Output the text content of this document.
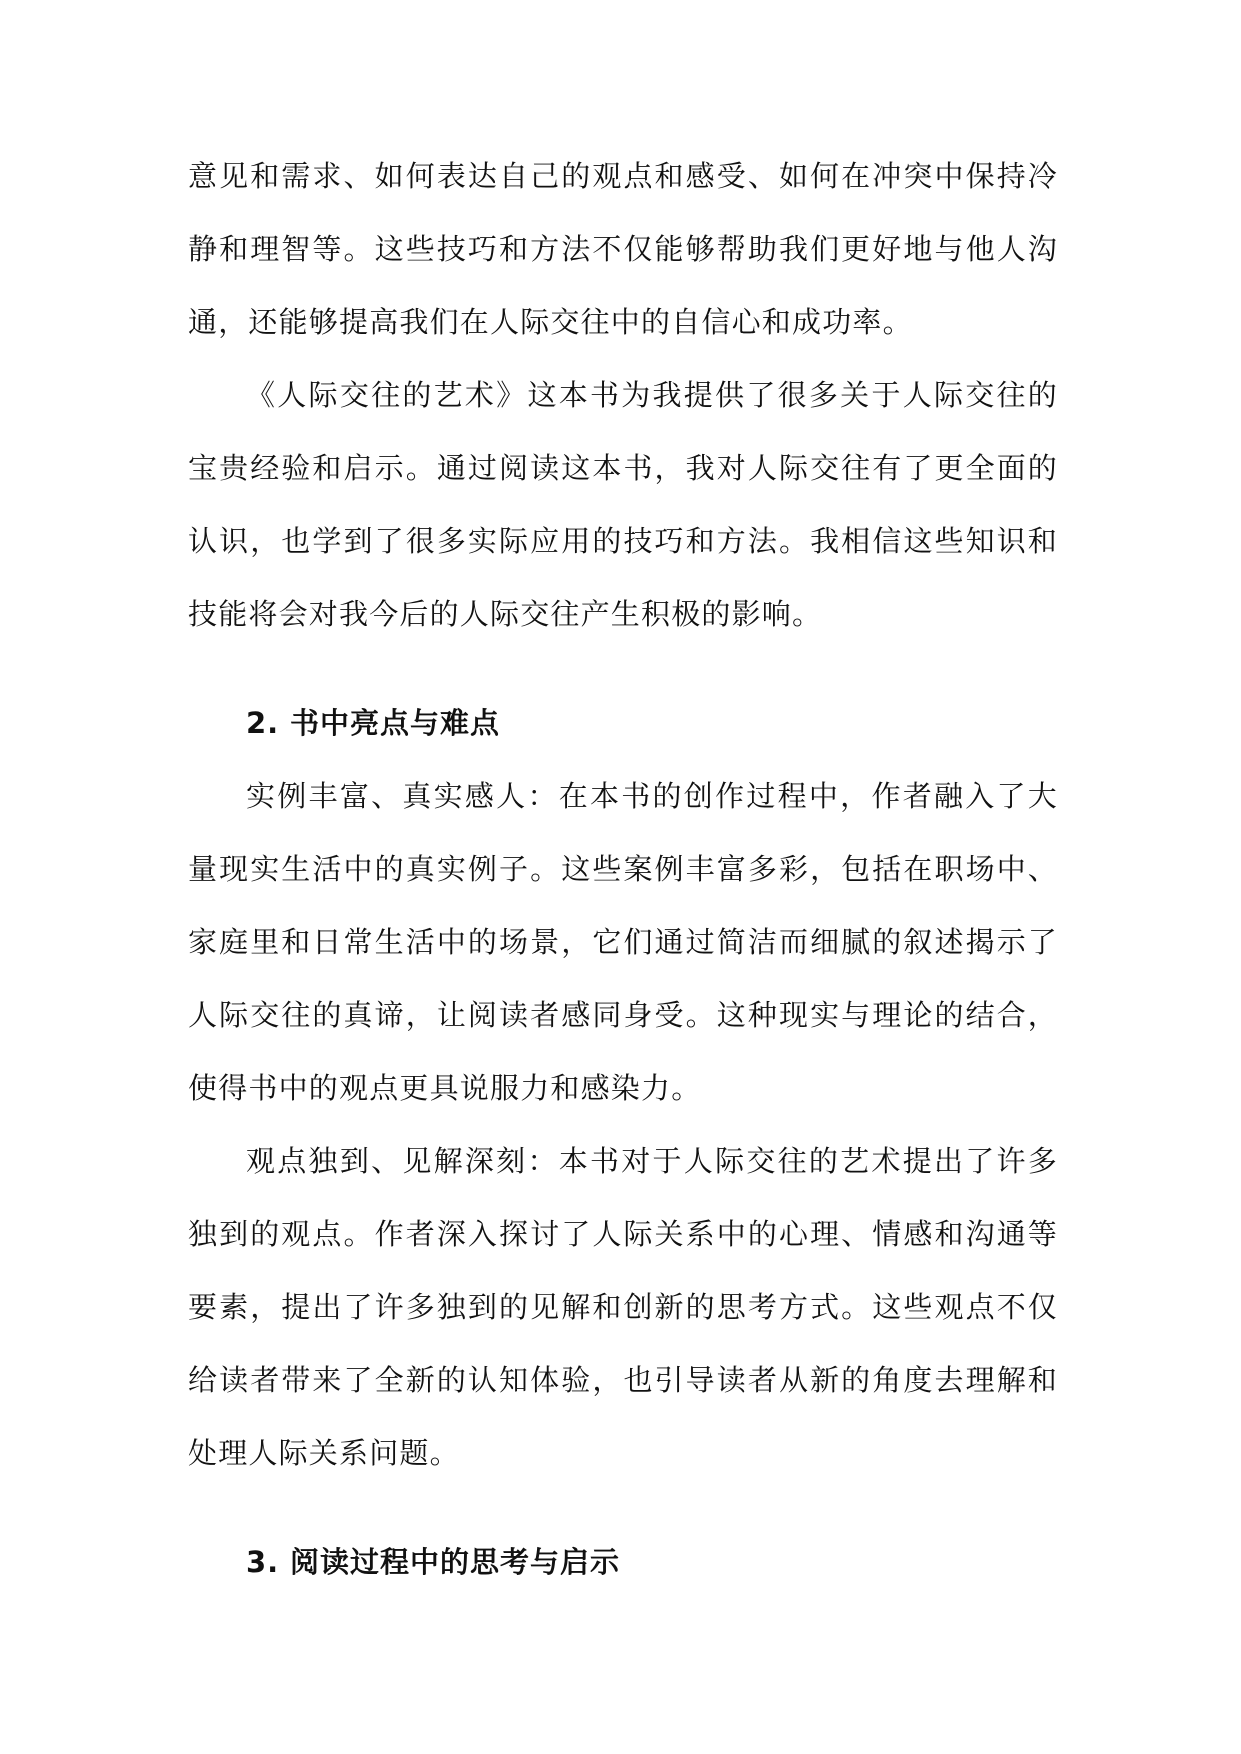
意见和需求、如何表达自己的观点和感受、如何在冲突中保持冷静和理智等。这些技巧和方法不仅能够帮助我们更好地与他人沟通，还能够提高我们在人际交往中的自信心和成功率。

《人际交往的艺术》这本书为我提供了很多关于人际交往的宝贵经验和启示。通过阅读这本书，我对人际交往有了更全面的认识，也学到了很多实际应用的技巧和方法。我相信这些知识和技能将会对我今后的人际交往产生积极的影响。

2. 书中亮点与难点

实例丰富、真实感人：在本书的创作过程中，作者融入了大量现实生活中的真实例子。这些案例丰富多彩，包括在职场中、家庭里和日常生活中的场景，它们通过简洁而细腻的叙述揭示了人际交往的真谛，让阅读者感同身受。这种现实与理论的结合，使得书中的观点更具说服力和感染力。

观点独到、见解深刻：本书对于人际交往的艺术提出了许多独到的观点。作者深入探讨了人际关系中的心理、情感和沟通等要素，提出了许多独到的见解和创新的思考方式。这些观点不仅给读者带来了全新的认知体验，也引导读者从新的角度去理解和处理人际关系问题。

3. 阅读过程中的思考与启示
